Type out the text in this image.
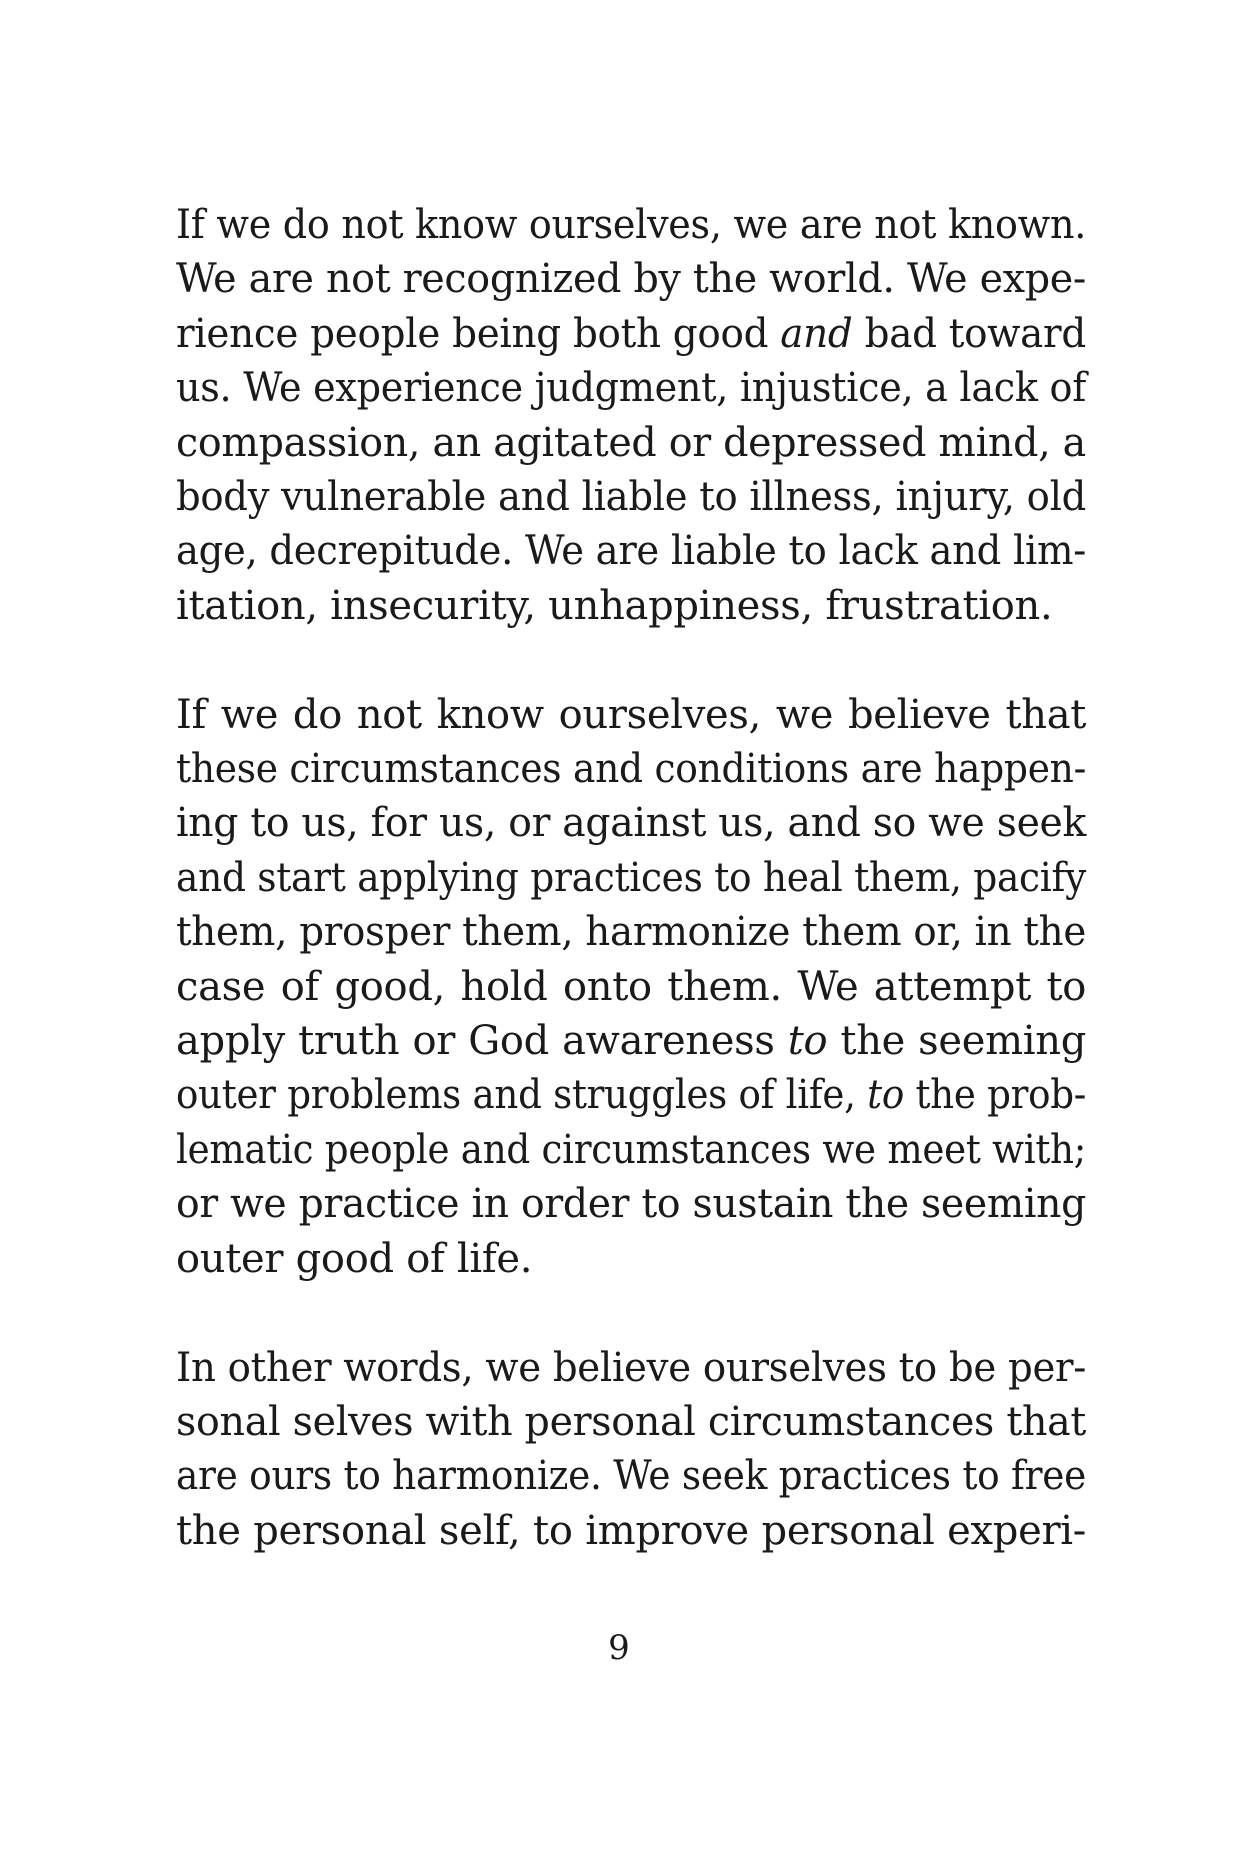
If we do not know ourselves, we are not known.
We are not recognized by the world. We expe-
rience people being both good and bad toward
us. We experience judgment, injustice, a lack of
compassion, an agitated or depressed mind, a
body vulnerable and liable to illness, injury, old
age, decrepitude. We are liable to lack and lim-
itation, insecurity, unhappiness, frustration.
If we do not know ourselves, we believe that
these circumstances and conditions are happen-
ing to us, for us, or against us, and so we seek
and start applying practices to heal them, pacify
them, prosper them, harmonize them or, in the
case of good, hold onto them. We attempt to
apply truth or God awareness to the seeming
outer problems and struggles of life, to the prob-
lematic people and circumstances we meet with;
or we practice in order to sustain the seeming
outer good of life.
In other words, we believe ourselves to be per-
sonal selves with personal circumstances that
are ours to harmonize. We seek practices to free
the personal self, to improve personal experi-
9
